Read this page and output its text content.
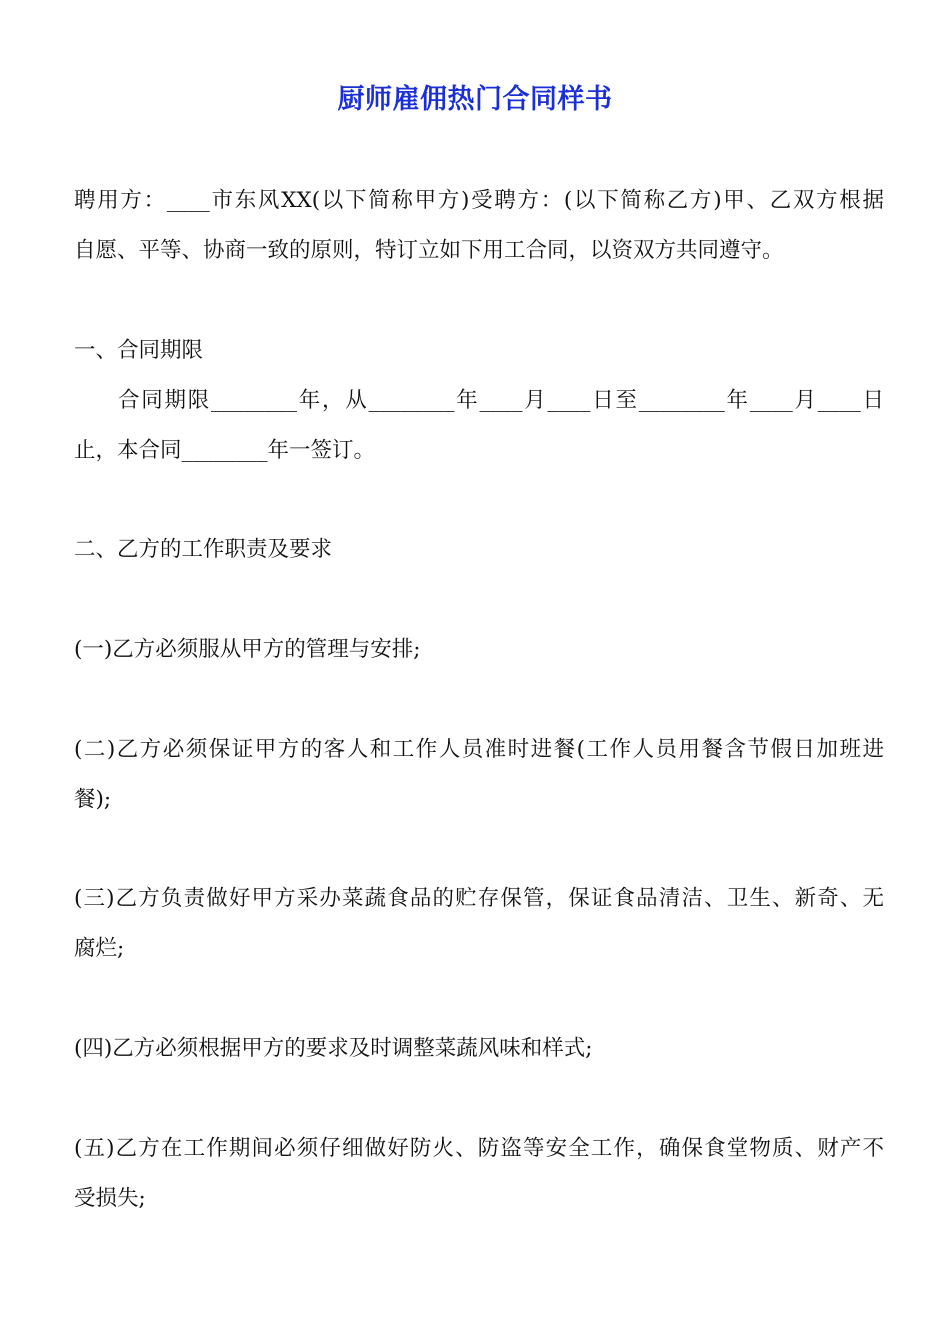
厨师雇佣热门合同样书
聘用方：____市东风XX(以下简称甲方)受聘方：(以下简称乙方)甲、乙双方根据
自愿、平等、协商一致的原则，特订立如下用工合同，以资双方共同遵守。
一、合同期限
合同期限________年，从________年____月____日至________年____月____日
止，本合同________年一签订。
二、乙方的工作职责及要求
(一)乙方必须服从甲方的管理与安排;
(二)乙方必须保证甲方的客人和工作人员准时进餐(工作人员用餐含节假日加班进
餐);
(三)乙方负责做好甲方采办菜蔬食品的贮存保管，保证食品清洁、卫生、新奇、无
腐烂;
(四)乙方必须根据甲方的要求及时调整菜蔬风味和样式;
(五)乙方在工作期间必须仔细做好防火、防盗等安全工作，确保食堂物质、财产不
受损失;
